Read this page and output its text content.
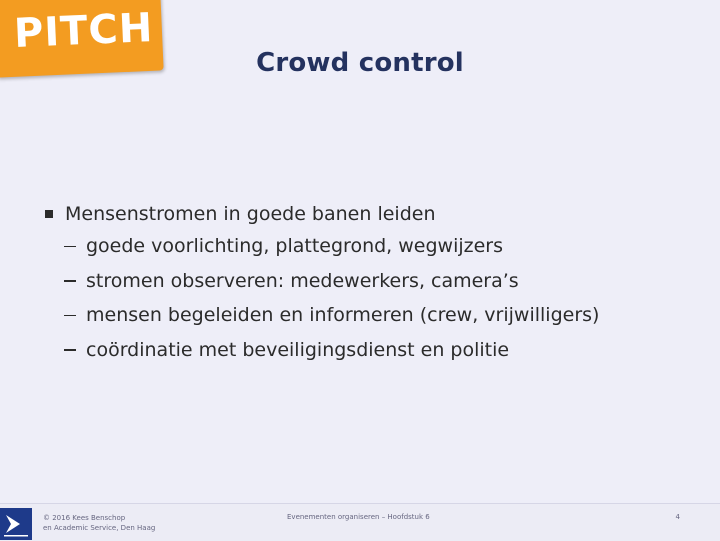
PITCH
Crowd control
Mensenstromen in goede banen leiden
goede voorlichting, plattegrond, wegwijzers
stromen observeren: medewerkers, camera’s
mensen begeleiden en informeren (crew, vrijwilligers)
coördinatie met beveiligingsdienst en politie
© 2016 Kees Benschop
en Academic Service, Den Haag
Evenementen organiseren – Hoofdstuk 6	4
